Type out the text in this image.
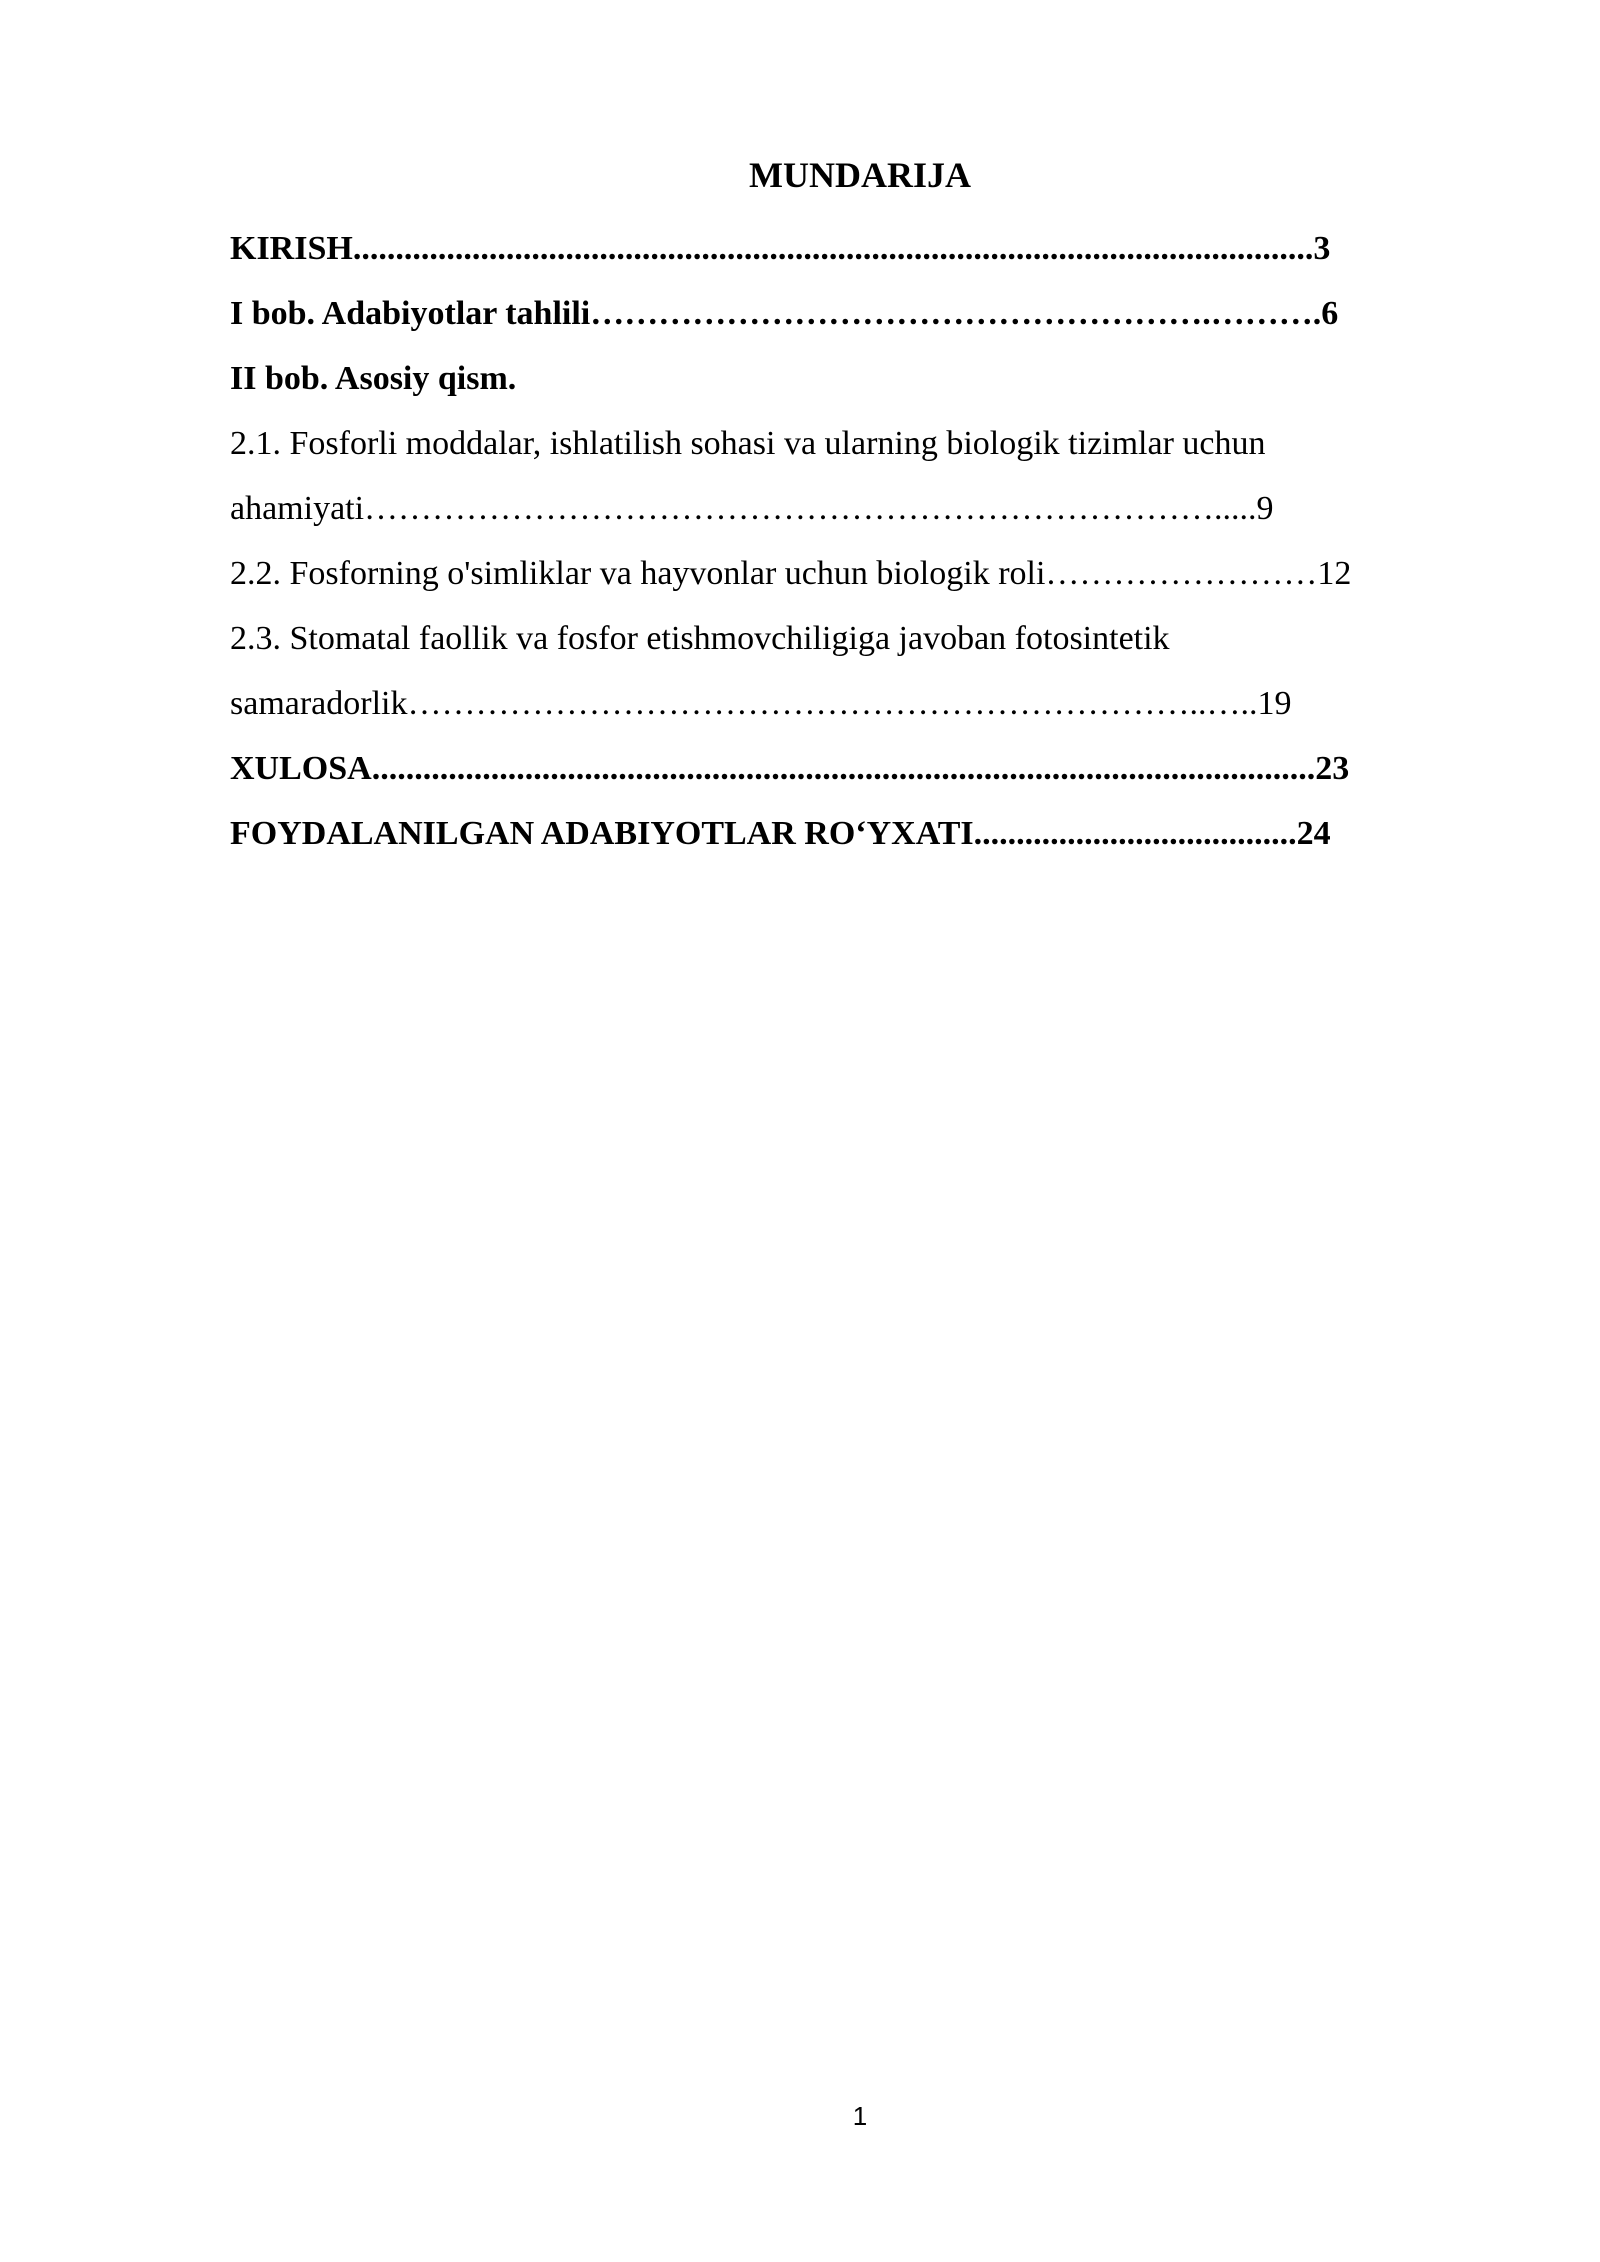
MUNDARIJA
KIRISH.................................................................................................................3
I bob. Adabiyotlar tahlili……………………………………………….……….6
II bob. Asosiy qism.
2.1. Fosforli moddalar, ishlatilish sohasi va ularning biologik tizimlar uchun
ahamiyati………………………………………………………………….....9
2.2. Fosforning o'simliklar va hayvonlar uchun biologik roli……………………12
2.3. Stomatal faollik va fosfor etishmovchiligiga javoban fotosintetik
samaradorlik……………………………………………………………..…..19
XULOSA...............................................................................................................23
FOYDALANILGAN ADABIYOTLAR RO‘YXATI......................................24
1
